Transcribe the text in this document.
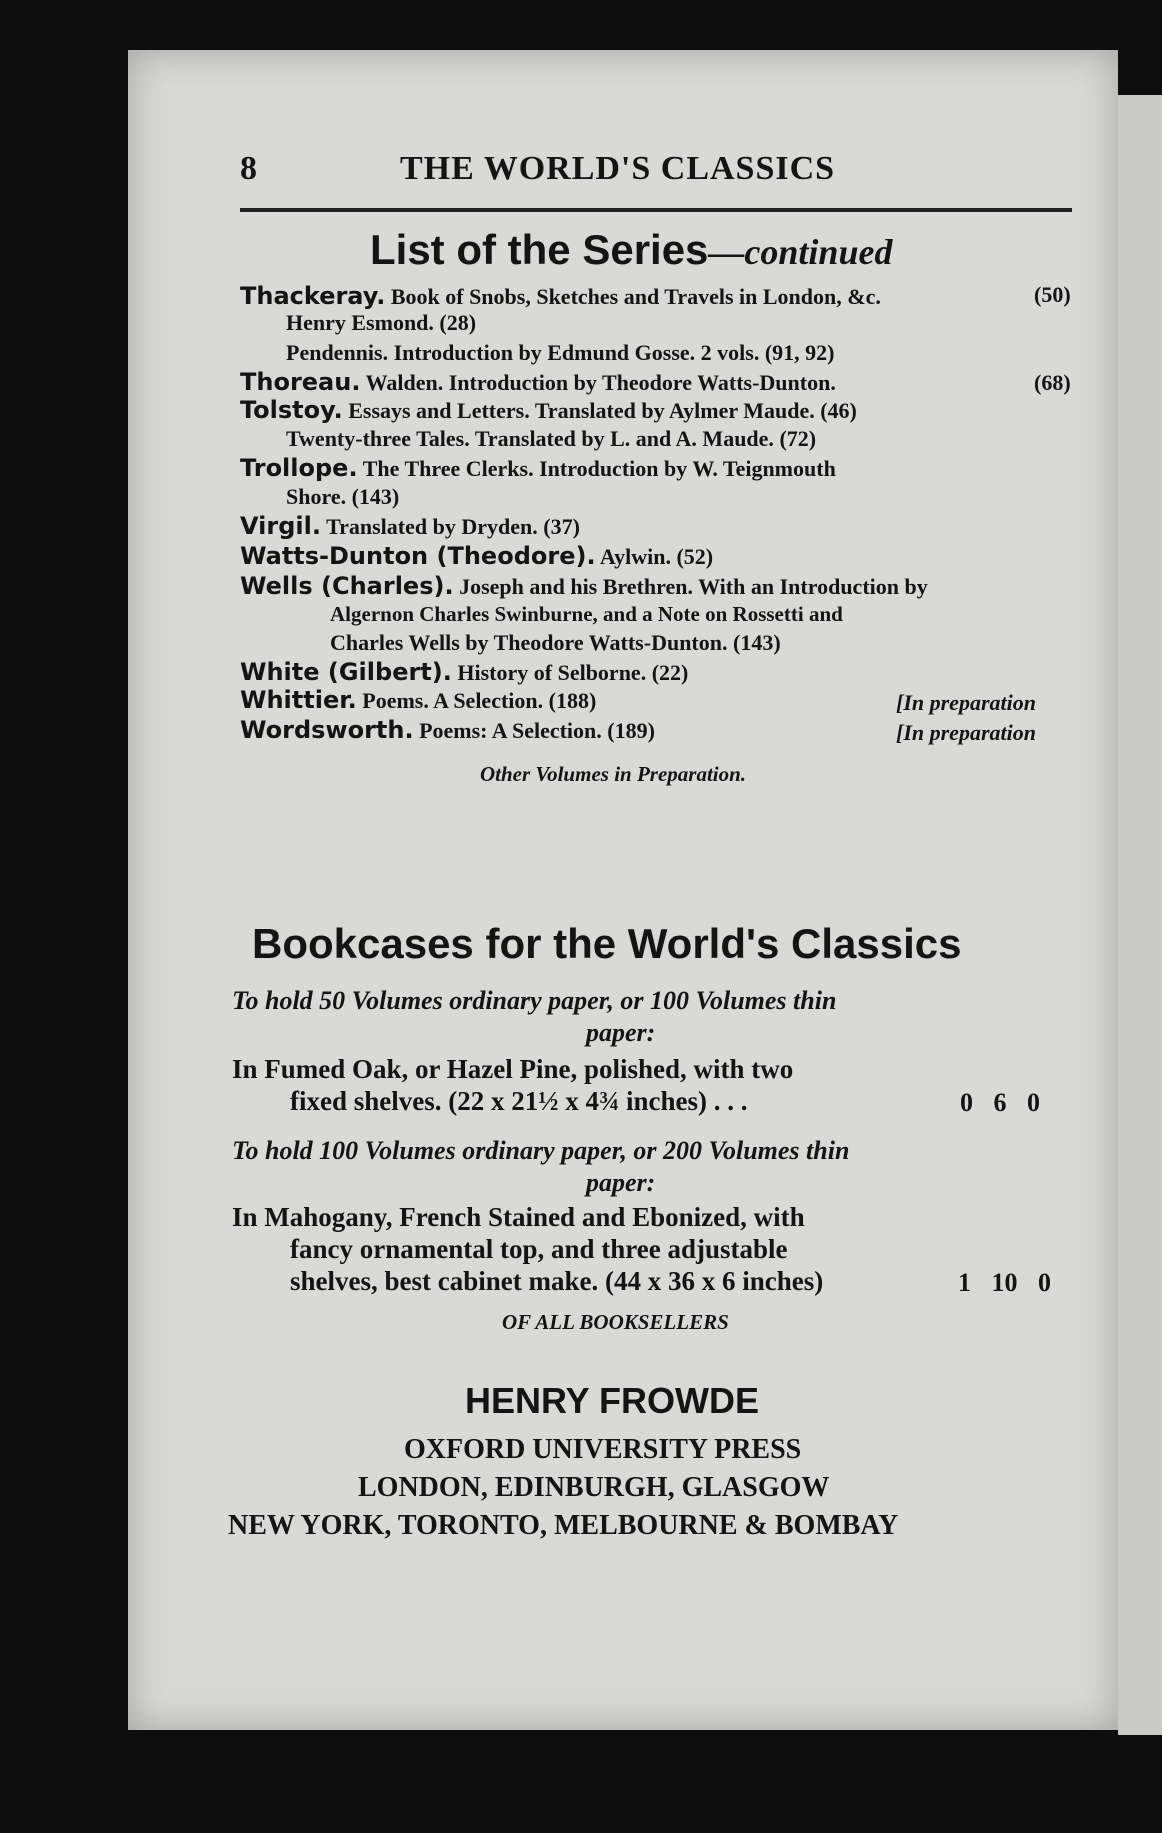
8	THE WORLD'S CLASSICS
List of the Series—continued
Thackeray. Book of Snobs, Sketches and Travels in London, &c.	(50)
Henry Esmond. (28)
Pendennis. Introduction by Edmund Gosse. 2 vols. (91, 92)
Thoreau. Walden. Introduction by Theodore Watts-Dunton.	(68)
Tolstoy. Essays and Letters. Translated by Aylmer Maude. (46)
Twenty-three Tales. Translated by L. and A. Maude. (72)
Trollope. The Three Clerks. Introduction by W. Teignmouth
Shore. (143)
Virgil. Translated by Dryden. (37)
Watts-Dunton (Theodore). Aylwin. (52)
Wells (Charles). Joseph and his Brethren. With an Introduction by
Algernon Charles Swinburne, and a Note on Rossetti and
Charles Wells by Theodore Watts-Dunton. (143)
White (Gilbert). History of Selborne. (22)
Whittier. Poems. A Selection. (188)	[In preparation
Wordsworth. Poems: A Selection. (189)	[In preparation
Other Volumes in Preparation.
Bookcases for the World's Classics
To hold 50 Volumes ordinary paper, or 100 Volumes thin
paper:
In Fumed Oak, or Hazel Pine, polished, with two
fixed shelves. (22 x 21½ x 4¾ inches) . . .	0 6 0
To hold 100 Volumes ordinary paper, or 200 Volumes thin
paper:
In Mahogany, French Stained and Ebonized, with
fancy ornamental top, and three adjustable
shelves, best cabinet make. (44 x 36 x 6 inches)	1 10 0
OF ALL BOOKSELLERS
HENRY FROWDE
OXFORD UNIVERSITY PRESS
LONDON, EDINBURGH, GLASGOW
NEW YORK, TORONTO, MELBOURNE & BOMBAY
